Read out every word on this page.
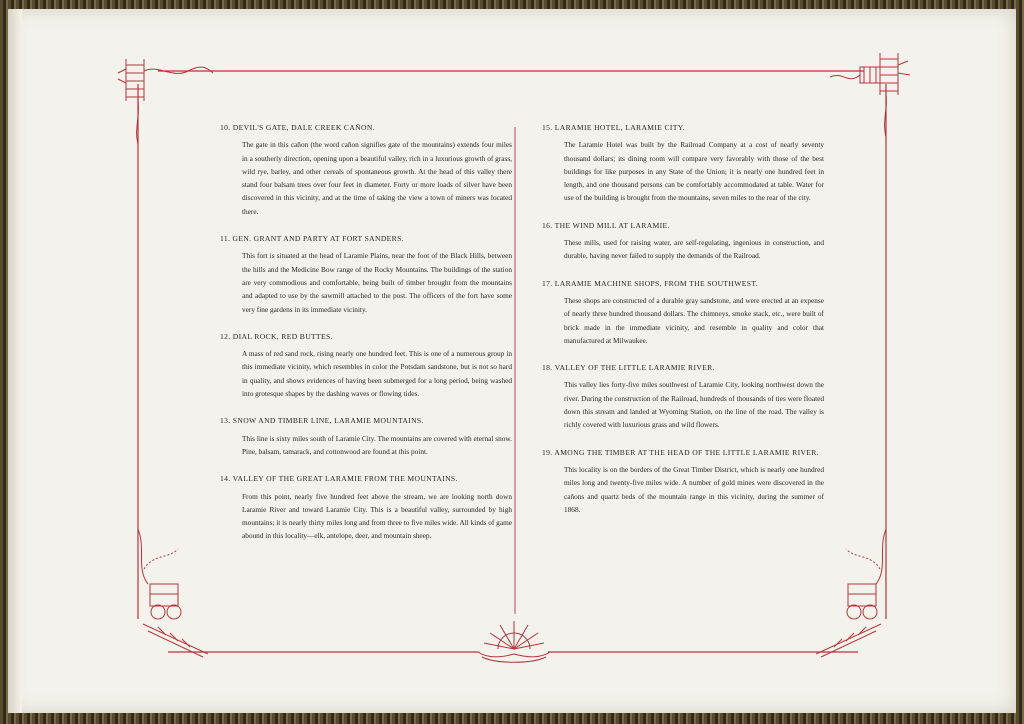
10. DEVIL'S GATE, DALE CREEK CAÑON.

The gate in this cañon (the word cañon signifies gate of the mountains) extends four miles in a southerly direction, opening upon a beautiful valley, rich in a luxurious growth of grass, wild rye, barley, and other cereals of spontaneous growth. At the head of this valley there stand four balsam trees over four feet in diameter. Forty or more loads of silver have been discovered in this vicinity, and at the time of taking the view a town of miners was located there.

11. GEN. GRANT AND PARTY AT FORT SANDERS.

This fort is situated at the head of Laramie Plains, near the foot of the Black Hills, between the hills and the Medicine Bow range of the Rocky Mountains. The buildings of the station are very commodious and comfortable, being built of timber brought from the mountains and adapted to use by the sawmill attached to the post. The officers of the fort have some very fine gardens in its immediate vicinity.

12. DIAL ROCK, RED BUTTES.

A mass of red sand rock, rising nearly one hundred feet. This is one of a numerous group in this immediate vicinity, which resembles in color the Potsdam sandstone, but is not so hard in quality, and shows evidences of having been submerged for a long period, being washed into grotesque shapes by the dashing waves or flowing tides.

13. SNOW AND TIMBER LINE, LARAMIE MOUNTAINS.

This line is sixty miles south of Laramie City. The mountains are covered with eternal snow. Pine, balsam, tamarack, and cottonwood are found at this point.

14. VALLEY OF THE GREAT LARAMIE FROM THE MOUNTAINS.

From this point, nearly five hundred feet above the stream, we are looking north down Laramie River and toward Laramie City. This is a beautiful valley, surrounded by high mountains; it is nearly thirty miles long and from three to five miles wide. All kinds of game abound in this locality—elk, antelope, deer, and mountain sheep.

15. LARAMIE HOTEL, LARAMIE CITY.

The Laramie Hotel was built by the Railroad Company at a cost of nearly seventy thousand dollars; its dining room will compare very favorably with those of the best buildings for like purposes in any State of the Union; it is nearly one hundred feet in length, and one thousand persons can be comfortably accommodated at table. Water for use of the building is brought from the mountains, seven miles to the rear of the city.

16. THE WIND MILL AT LARAMIE.

These mills, used for raising water, are self-regulating, ingenious in construction, and durable, having never failed to supply the demands of the Railroad.

17. LARAMIE MACHINE SHOPS, FROM THE SOUTHWEST.

These shops are constructed of a durable gray sandstone, and were erected at an expense of nearly three hundred thousand dollars. The chimneys, smoke stack, etc., were built of brick made in the immediate vicinity, and resemble in quality and color that manufactured at Milwaukee.

18. VALLEY OF THE LITTLE LARAMIE RIVER.

This valley lies forty-five miles southwest of Laramie City, looking northwest down the river. During the construction of the Railroad, hundreds of thousands of ties were floated down this stream and landed at Wyoming Station, on the line of the road. The valley is richly covered with luxurious grass and wild flowers.

19. AMONG THE TIMBER AT THE HEAD OF THE LITTLE LARAMIE RIVER.

This locality is on the borders of the Great Timber District, which is nearly one hundred miles long and twenty-five miles wide. A number of gold mines were discovered in the cañons and quartz beds of the mountain range in this vicinity, during the summer of 1868.
